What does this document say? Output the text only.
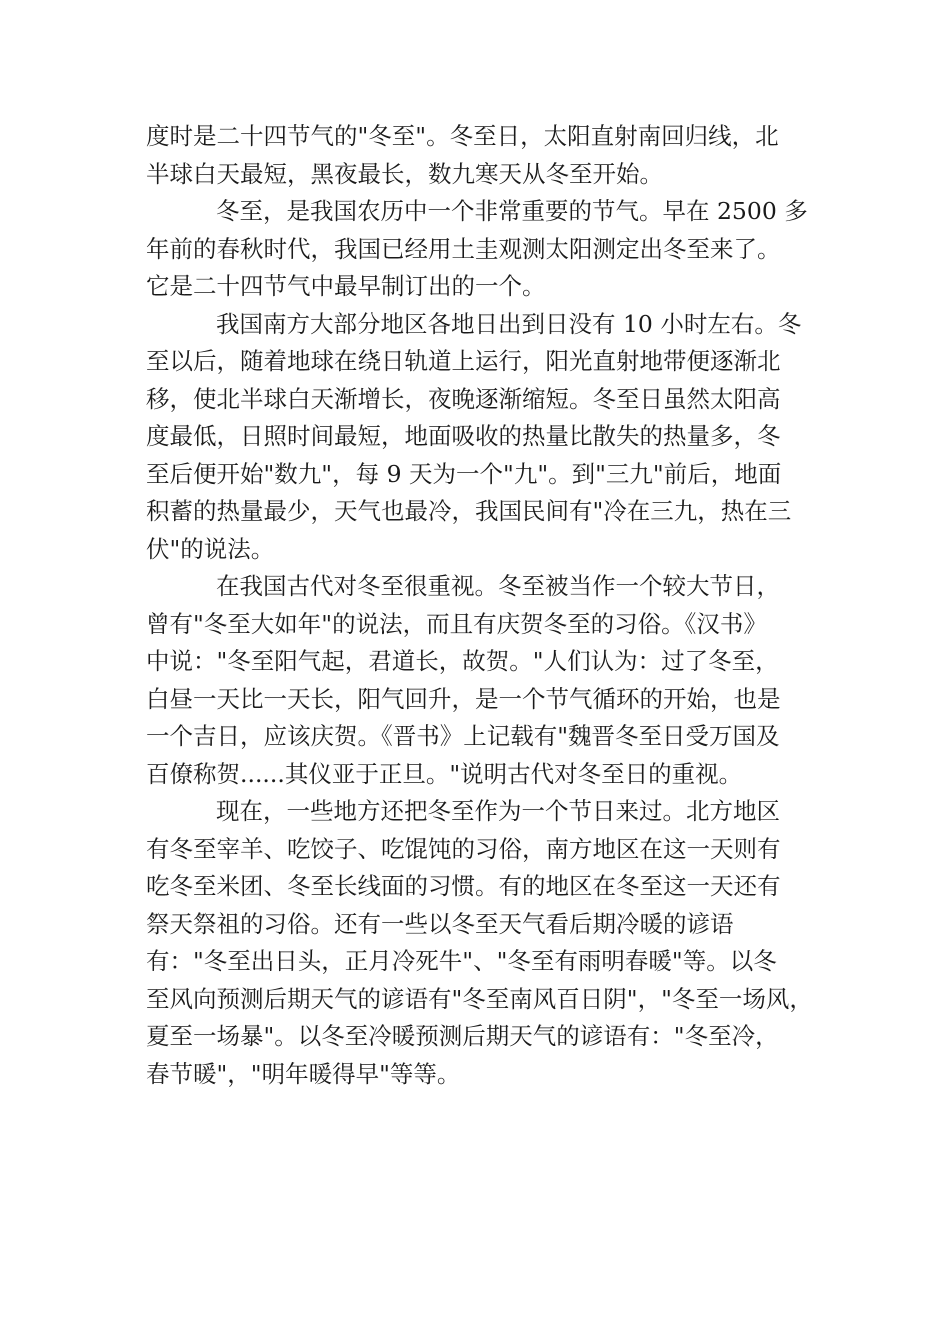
度时是二十四节气的"冬至"。冬至日，太阳直射南回归线，北
半球白天最短，黑夜最长，数九寒天从冬至开始。

冬至，是我国农历中一个非常重要的节气。早在 2500 多
年前的春秋时代，我国已经用土圭观测太阳测定出冬至来了。
它是二十四节气中最早制订出的一个。

我国南方大部分地区各地日出到日没有 10 小时左右。冬
至以后，随着地球在绕日轨道上运行，阳光直射地带便逐渐北
移，使北半球白天渐增长，夜晚逐渐缩短。冬至日虽然太阳高
度最低，日照时间最短，地面吸收的热量比散失的热量多，冬
至后便开始"数九"，每 9 天为一个"九"。到"三九"前后，地面
积蓄的热量最少，天气也最冷，我国民间有"冷在三九，热在三
伏"的说法。

在我国古代对冬至很重视。冬至被当作一个较大节日，
曾有"冬至大如年"的说法，而且有庆贺冬至的习俗。《汉书》
中说："冬至阳气起，君道长，故贺。"人们认为：过了冬至，
白昼一天比一天长，阳气回升，是一个节气循环的开始，也是
一个吉日，应该庆贺。《晋书》上记载有"魏晋冬至日受万国及
百僚称贺......其仪亚于正旦。"说明古代对冬至日的重视。

现在，一些地方还把冬至作为一个节日来过。北方地区
有冬至宰羊、吃饺子、吃馄饨的习俗，南方地区在这一天则有
吃冬至米团、冬至长线面的习惯。有的地区在冬至这一天还有
祭天祭祖的习俗。还有一些以冬至天气看后期冷暖的谚语
有："冬至出日头，正月冷死牛"、"冬至有雨明春暖"等。以冬
至风向预测后期天气的谚语有"冬至南风百日阴"，"冬至一场风，
夏至一场暴"。以冬至冷暖预测后期天气的谚语有："冬至冷，
春节暖"，"明年暖得早"等等。
